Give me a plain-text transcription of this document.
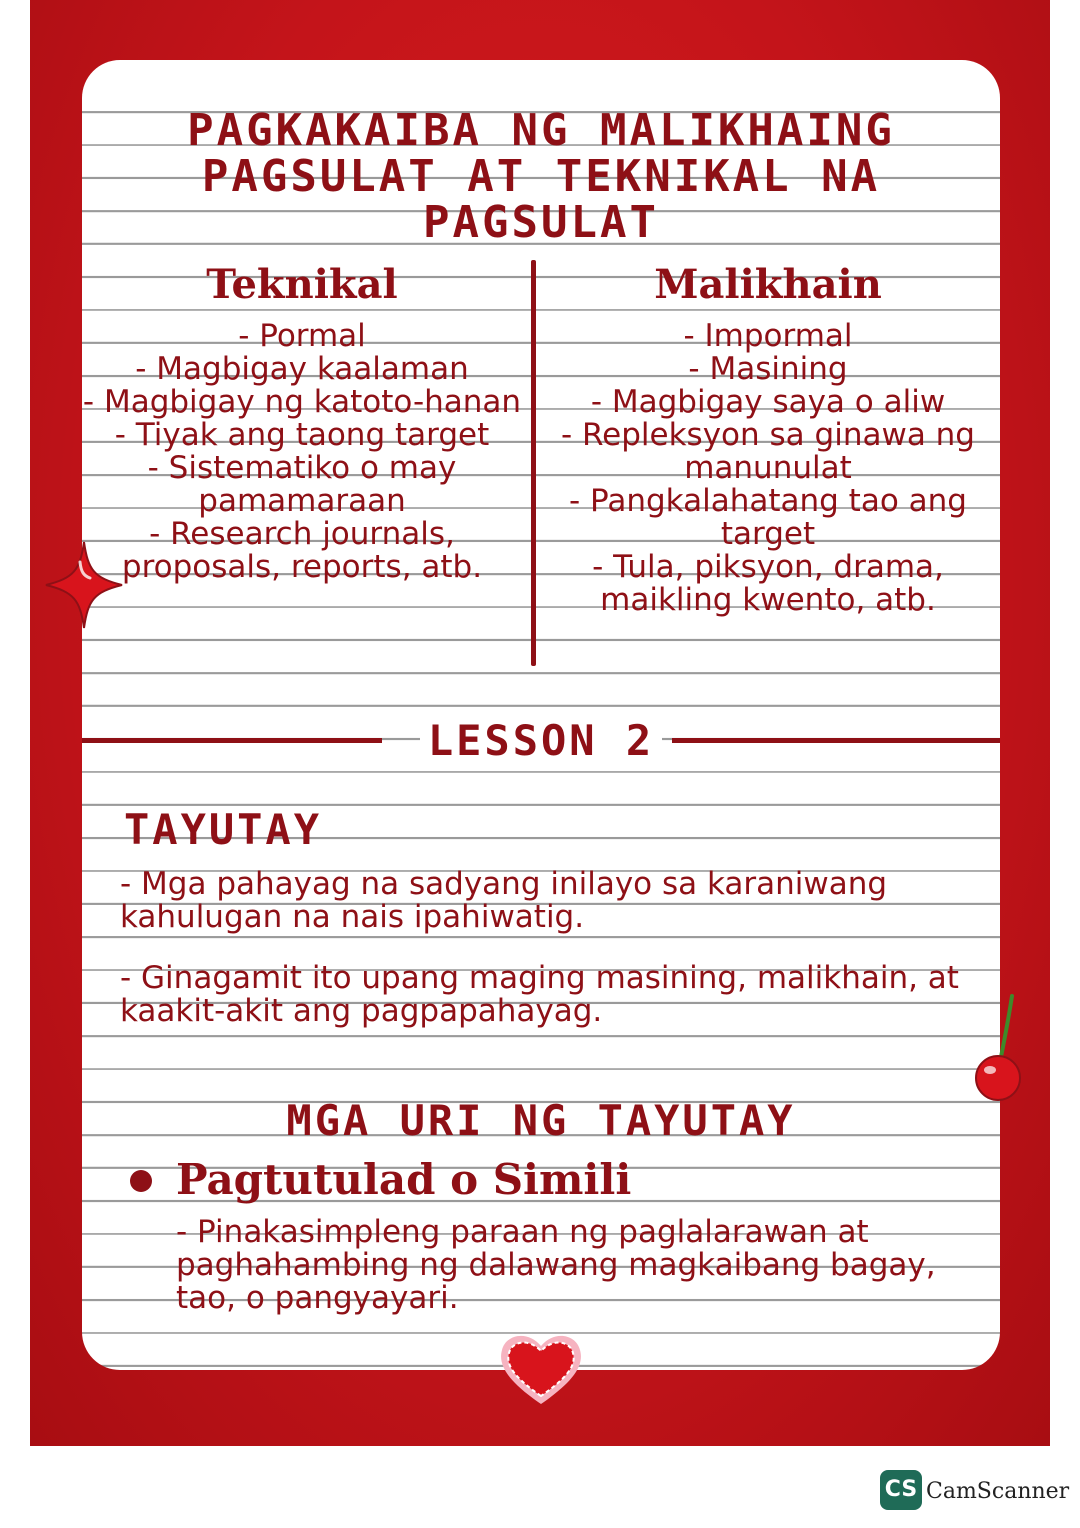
PAGKAKAIBA NG MALIKHAING
PAGSULAT AT TEKNIKAL NA
PAGSULAT
Teknikal
- Pormal
- Magbigay kaalaman
- Magbigay ng katoto-hanan
- Tiyak ang taong target
- Sistematiko o may pamamaraan
- Research journals, proposals, reports, atb.
Malikhain
- Impormal
- Masining
- Magbigay saya o aliw
- Repleksyon sa ginawa ng manunulat
- Pangkalahatang tao ang target
- Tula, piksyon, drama, maikling kwento, atb.
LESSON 2
TAYUTAY
- Mga pahayag na sadyang inilayo sa karaniwang kahulugan na nais ipahiwatig.
- Ginagamit ito upang maging masining, malikhain, at kaakit-akit ang pagpapahayag.
MGA URI NG TAYUTAY
Pagtutulad o Simili
- Pinakasimpleng paraan ng paglalarawan at paghahambing ng dalawang magkaibang bagay, tao, o pangyayari.
CS CamScanner
